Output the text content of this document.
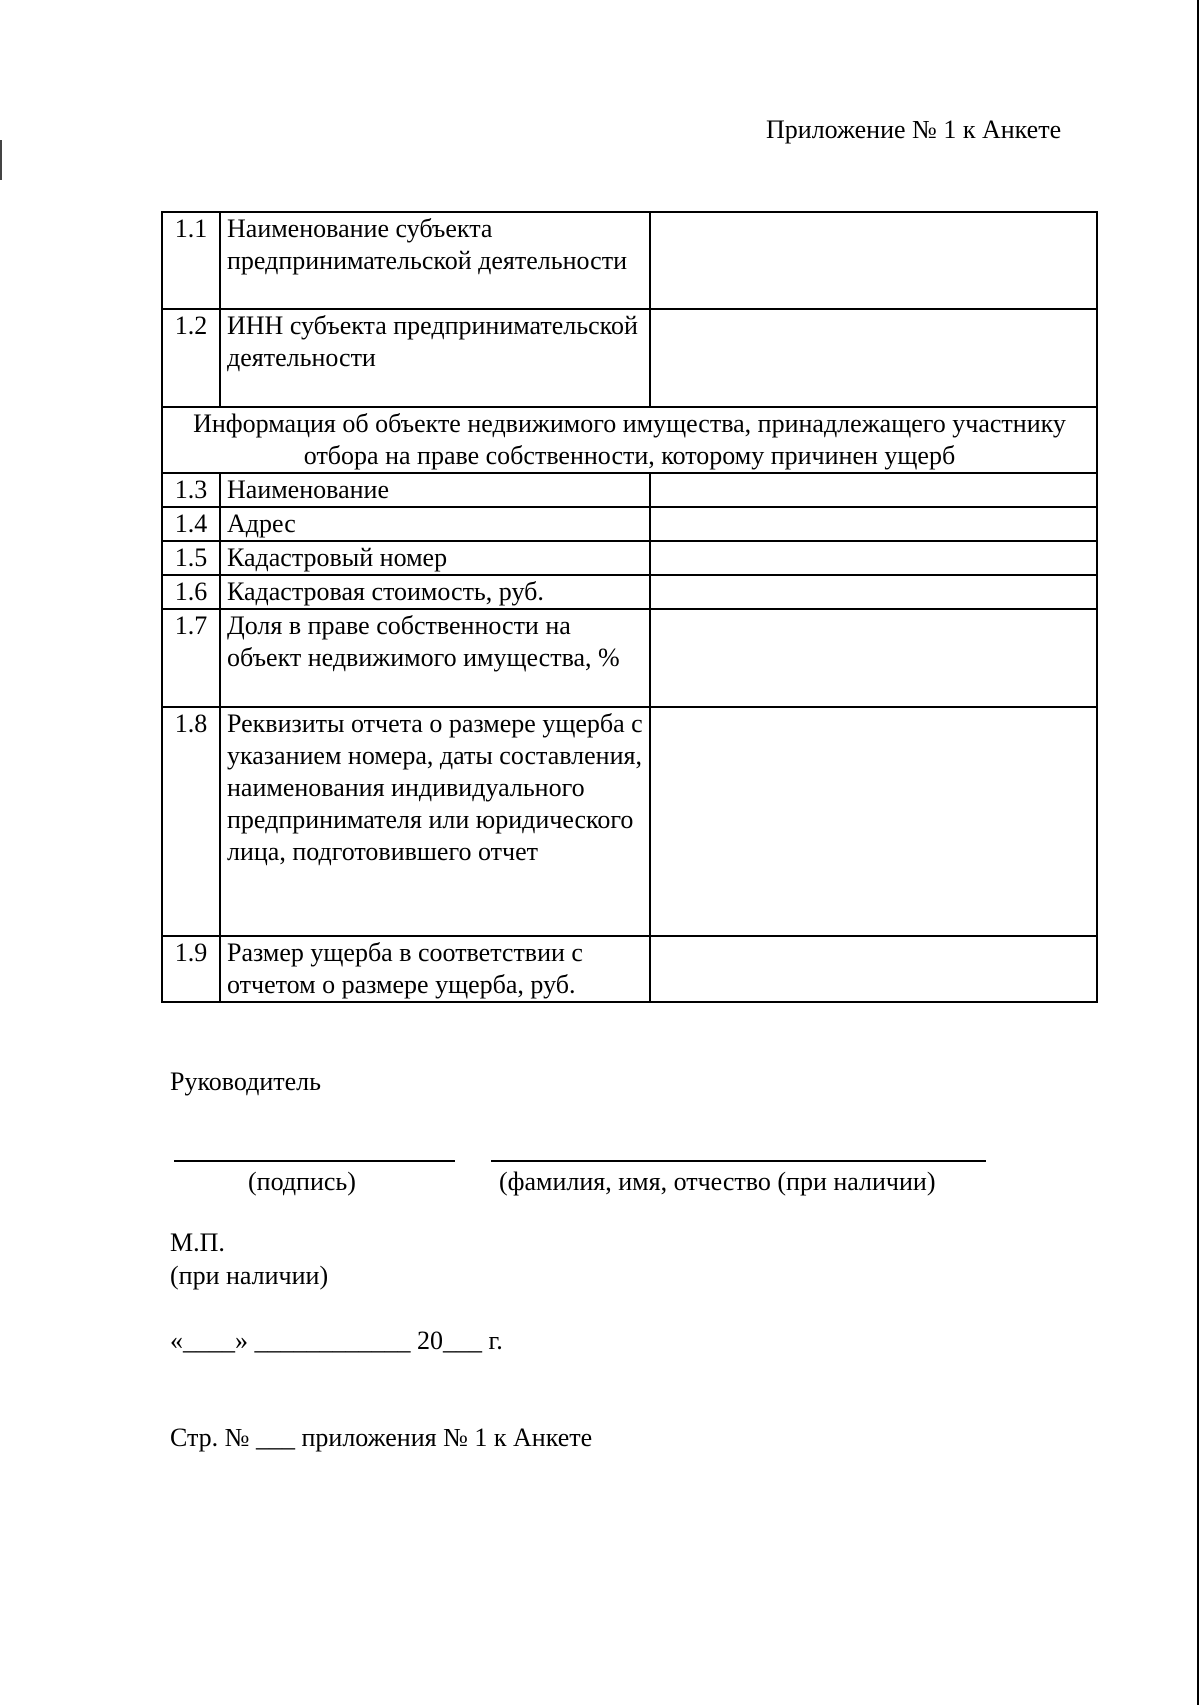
Приложение № 1 к Анкете
1.1	Наименование субъекта предпринимательской деятельности	
1.2	ИНН субъекта предпринимательской деятельности	
Информация об объекте недвижимого имущества, принадлежащего участнику отбора на праве собственности, которому причинен ущерб		
1.3	Наименование	
1.4	Адрес	
1.5	Кадастровый номер	
1.6	Кадастровая стоимость, руб.	
1.7	Доля в праве собственности на объект недвижимого имущества, %	
1.8	Реквизиты отчета о размере ущерба с указанием номера, даты составления, наименования индивидуального предпринимателя или юридического лица, подготовившего отчет	
1.9	Размер ущерба в соответствии с отчетом о размере ущерба, руб.	
Руководитель
(подпись)	(фамилия, имя, отчество (при наличии)
М.П.
(при наличии)
«____» ____________ 20___ г.
Стр. № ___ приложения № 1 к Анкете
